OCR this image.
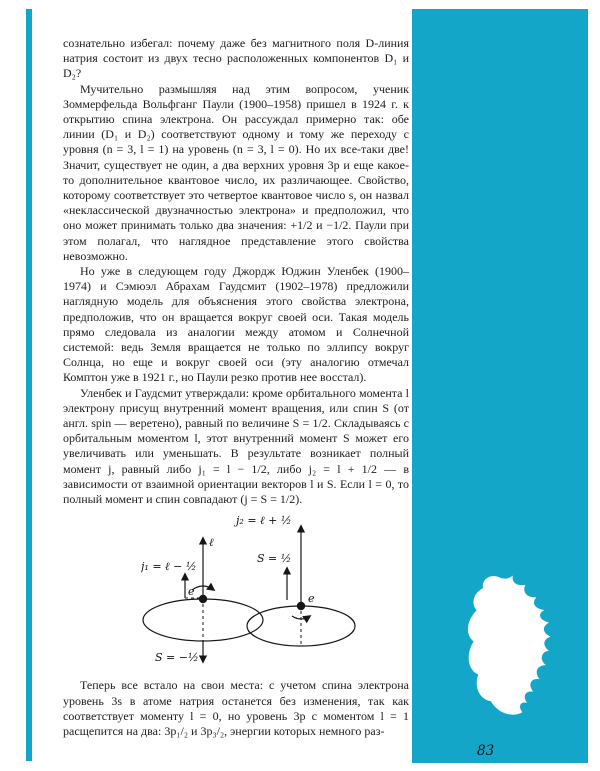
сознательно избегал: почему даже без магнитного поля D-линия натрия состоит из двух тесно расположенных компонентов D₁ и D₂?

Мучительно размышляя над этим вопросом, ученик Зоммерфельда Вольфганг Паули (1900–1958) пришел в 1924 г. к открытию спина электрона. Он рассуждал примерно так: обе линии (D₁ и D₂) соответствуют одному и тому же переходу с уровня (n = 3, l = 1) на уровень (n = 3, l = 0). Но их все-таки две! Значит, существует не один, а два верхних уровня 3p и еще какое-то дополнительное квантовое число, их различающее. Свойство, которому соответствует это четвертое квантовое число s, он назвал «неклассической двузначностью электрона» и предположил, что оно может принимать только два значения: +1/2 и −1/2. Паули при этом полагал, что наглядное представление этого свойства невозможно.

Но уже в следующем году Джордж Юджин Уленбек (1900–1974) и Сэмюэл Абрахам Гаудсмит (1902–1978) предложили наглядную модель для объяснения этого свойства электрона, предположив, что он вращается вокруг своей оси. Такая модель прямо следовала из аналогии между атомом и Солнечной системой: ведь Земля вращается не только по эллипсу вокруг Солнца, но еще и вокруг своей оси (эту аналогию отмечал Комптон уже в 1921 г., но Паули резко против нее восстал).

Уленбек и Гаудсмит утверждали: кроме орбитального момента l электрону присущ внутренний момент вращения, или спин S (от англ. spin — веретено), равный по величине S = 1/2. Складываясь с орбитальным моментом l, этот внутренний момент S может его увеличивать или уменьшать. В результате возникает полный момент j, равный либо j₁ = l − 1/2, либо j₂ = l + 1/2 — в зависимости от взаимной ориентации векторов l и S. Если l = 0, то полный момент и спин совпадают (j = S = 1/2).

j₂ = ℓ + ½
ℓ
j₁ = ℓ − ½
S = ½
S = −½
e
e

Теперь все встало на свои места: с учетом спина электрона уровень 3s в атоме натрия останется без изменения, так как соответствует моменту l = 0, но уровень 3p с моментом l = 1 расщепится на два: 3p₁/₂ и 3p₃/₂, энергии которых немного раз-

83
